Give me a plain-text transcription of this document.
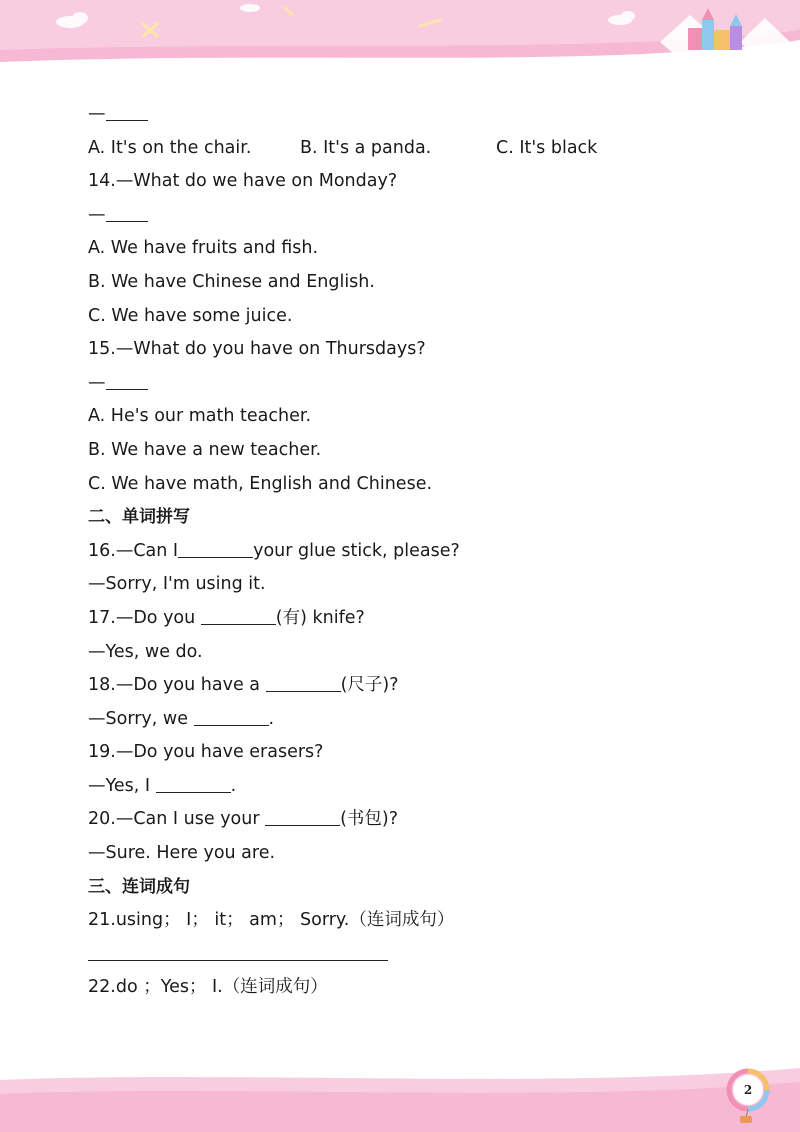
—
A. It's on the chair.	B. It's a panda.	C. It's black
14.—What do we have on Monday?
—
A. We have fruits and fish.
B. We have Chinese and English.
C. We have some juice.
15.—What do you have on Thursdays?
—
A. He's our math teacher.
B. We have a new teacher.
C. We have math, English and Chinese.
二、单词拼写
16.—Can I	your glue stick, please?
—Sorry, I'm using it.
17.—Do you	(有) knife?
—Yes, we do.
18.—Do you have a	(尺子)?
—Sorry, we	.
19.—Do you have erasers?
—Yes, I	.
20.—Can I use your	(书包)?
—Sure. Here you are.
三、连词成句
21.using； I； it； am； Sorry.（连词成句）
22.do ；Yes； I.（连词成句）
2
